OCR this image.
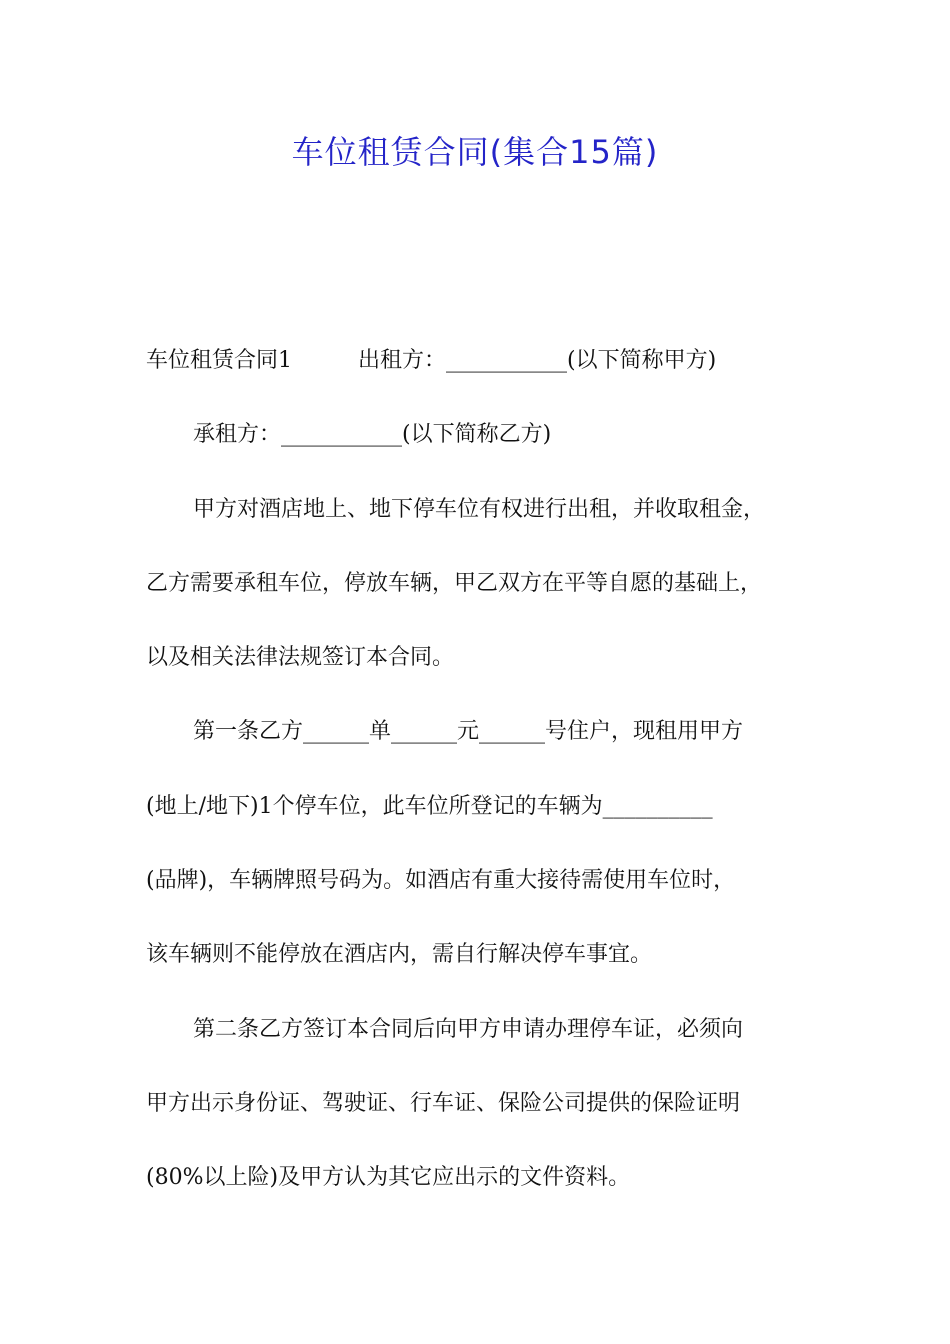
车位租赁合同(集合15篇)
车位租赁合同1	出租方：___________(以下简称甲方)
承租方：___________(以下简称乙方)
甲方对酒店地上、地下停车位有权进行出租，并收取租金，
乙方需要承租车位，停放车辆，甲乙双方在平等自愿的基础上，
以及相关法律法规签订本合同。
第一条乙方______单______元______号住户，现租用甲方
(地上/地下)1个停车位，此车位所登记的车辆为__________
(品牌)，车辆牌照号码为。如酒店有重大接待需使用车位时，
该车辆则不能停放在酒店内，需自行解决停车事宜。
第二条乙方签订本合同后向甲方申请办理停车证，必须向
甲方出示身份证、驾驶证、行车证、保险公司提供的保险证明
(80%以上险)及甲方认为其它应出示的文件资料。
